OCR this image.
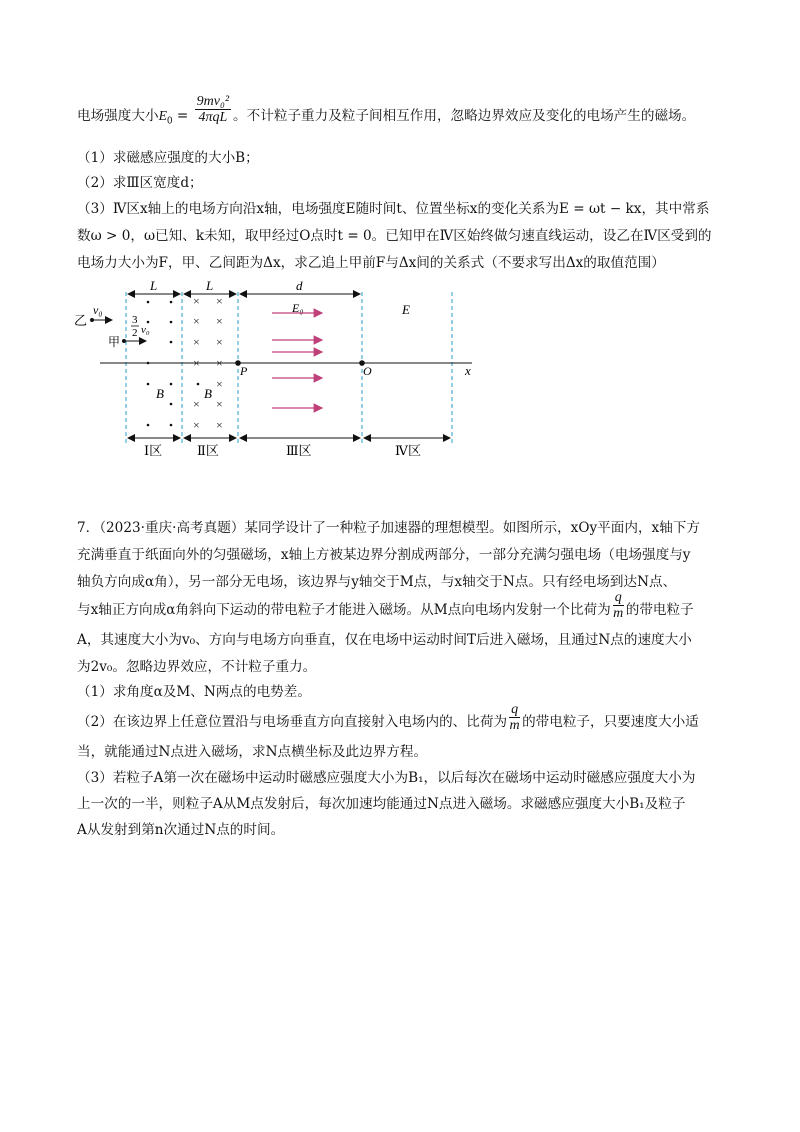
电场强度大小$E_0 = \frac{\text{9mv₀²}}{\text{4πqL}}$ 。不计粒子重力及粒子间相互作用，忽略边界效应及变化的电场产生的磁场。
（1）求磁感应强度的大小B；
（2）求Ⅲ区宽度d；
（3）Ⅳ区x轴上的电场方向沿x轴，电场强度E随时间t、位置坐标x的变化关系为E = ωt − kx，其中常系
数ω > 0，ω已知、k未知，取甲经过O点时t = 0。已知甲在Ⅳ区始终做匀速直线运动，设乙在Ⅳ区受到的
电场力大小为F，甲、乙间距为Δx，求乙追上甲前F与Δx间的关系式（不要求写出Δx的取值范围）
L	L	d
x
P	O
B
× ×
× ×
× ×
× ×
×
× ×
× ×
B
E₀	E
乙
v₀
3
2 v₀
甲
Ⅰ区	Ⅱ区	Ⅲ区	Ⅳ区
7．（2023·重庆·高考真题）某同学设计了一种粒子加速器的理想模型。如图所示，xOy平面内，x轴下方
充满垂直于纸面向外的匀强磁场，x轴上方被某边界分割成两部分，一部分充满匀强电场（电场强度与y
轴负方向成α角），另一部分无电场，该边界与y轴交于M点，与x轴交于N点。只有经电场到达N点、
与x轴正方向成α角斜向下运动的带电粒子才能进入磁场。从M点向电场内发射一个比荷为 $\frac{q}{m}$ 的带电粒子
A，其速度大小为v₀、方向与电场方向垂直，仅在电场中运动时间T后进入磁场，且通过N点的速度大小
为2v₀。忽略边界效应，不计粒子重力。
（1）求角度α及M、N两点的电势差。
（2）在该边界上任意位置沿与电场垂直方向直接射入电场内的、比荷为 $\frac{q}{m}$ 的带电粒子，只要速度大小适
当，就能通过N点进入磁场，求N点横坐标及此边界方程。
（3）若粒子A第一次在磁场中运动时磁感应强度大小为B₁，以后每次在磁场中运动时磁感应强度大小为
上一次的一半，则粒子A从M点发射后，每次加速均能通过N点进入磁场。求磁感应强度大小B₁及粒子
A从发射到第n次通过N点的时间。
